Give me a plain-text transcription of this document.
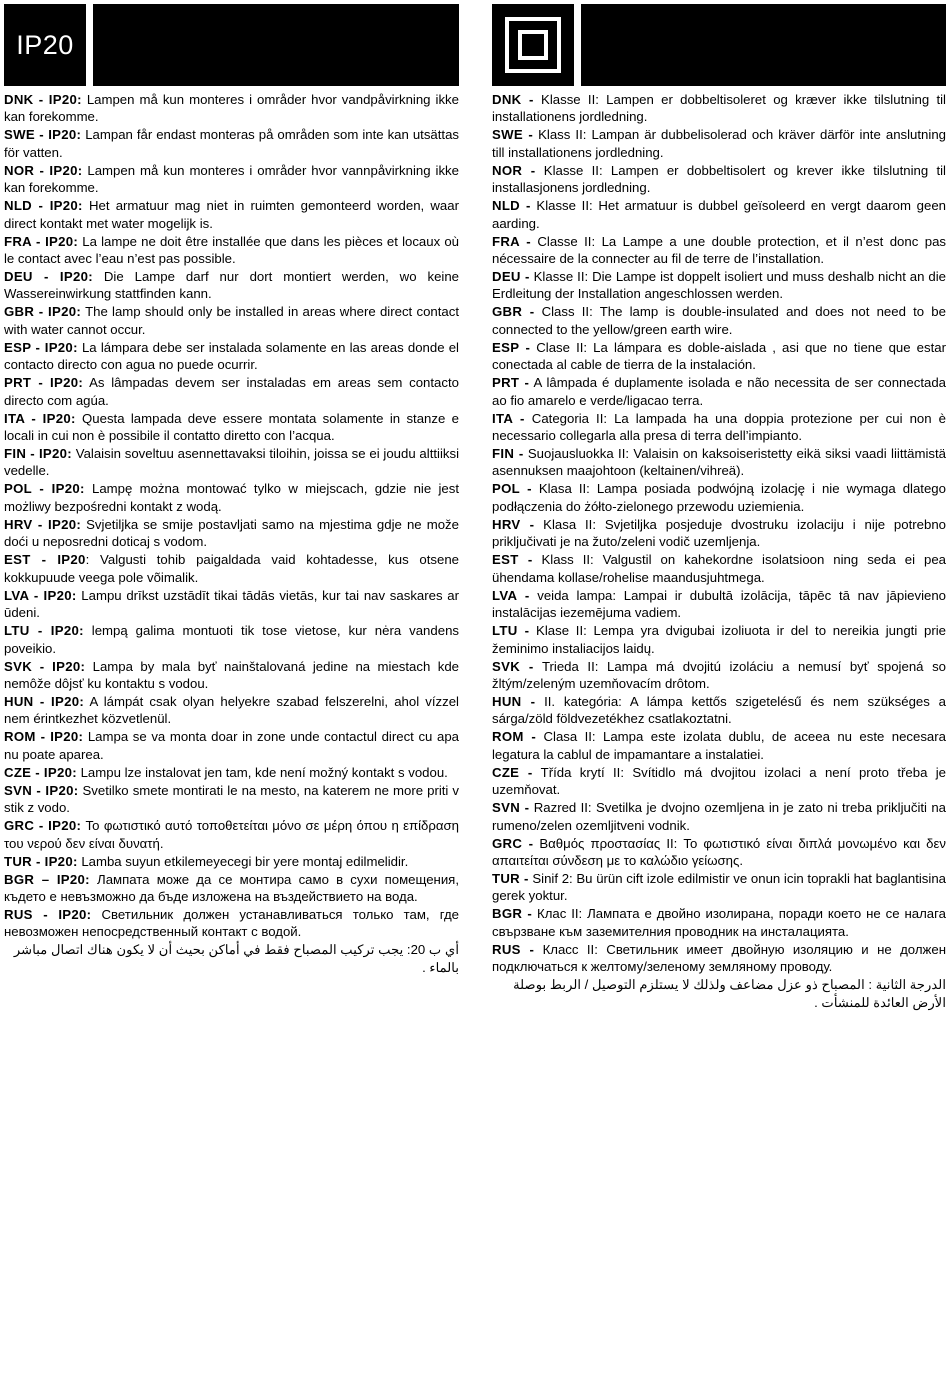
IP20

DNK - IP20: Lampen må kun monteres i områder hvor vandpåvirkning ikke kan forekomme.

SWE - IP20: Lampan får endast monteras på områden som inte kan utsättas för vatten.

NOR - IP20: Lampen må kun monteres i områder hvor vannpåvirkning ikke kan forekomme.

NLD - IP20: Het armatuur mag niet in ruimten gemonteerd worden, waar direct kontakt met water mogelijk is.

FRA - IP20: La lampe ne doit être installée que dans les pièces et locaux où le contact avec l’eau n’est pas possible.

DEU - IP20: Die Lampe darf nur dort montiert werden, wo keine Wassereinwirkung stattfinden kann.

GBR - IP20: The lamp should only be installed in areas where direct contact with water cannot occur.

ESP - IP20: La lámpara debe ser instalada solamente en las areas donde el contacto directo con agua no puede ocurrir.

PRT - IP20: As lâmpadas devem ser instaladas em areas sem contacto directo com agúa.

ITA - IP20: Questa lampada deve essere montata solamente in stanze e locali in cui non è possibile il contatto diretto con l’acqua.

FIN - IP20: Valaisin soveltuu asennettavaksi tiloihin, joissa se ei joudu alttiiksi vedelle.

POL - IP20: Lampę można montować tylko w miejscach, gdzie nie jest możliwy bezpośredni kontakt z wodą.

HRV - IP20: Svjetiljka se smije postavljati samo na mjestima gdje ne može doći u neposredni doticaj s vodom.

EST - IP20: Valgusti tohib paigaldada vaid kohtadesse, kus otsene kokkupuude veega pole võimalik.

LVA - IP20: Lampu drīkst uzstādīt tikai tādās vietās, kur tai nav saskares ar ūdeni.

LTU - IP20: lempą galima montuoti tik tose vietose, kur nėra vandens poveikio.

SVK - IP20: Lampa by mala byť nainštalovaná jedine na miestach kde nemôže dôjsť ku kontaktu s vodou.

HUN - IP20: A lámpát csak olyan helyekre szabad felszerelni, ahol vízzel nem érintkezhet közvetlenül.

ROM - IP20: Lampa se va monta doar in zone unde contactul direct cu apa nu poate aparea.

CZE - IP20: Lampu lze instalovat jen tam, kde není možný kontakt s vodou.

SVN - IP20: Svetilko smete montirati le na mesto, na katerem ne more priti v stik z vodo.

GRC - IP20: Το φωτιστικό αυτό τοποθετείται μόνο σε μέρη όπου η επίδραση του νερού δεν είναι δυνατή.

TUR - IP20: Lamba suyun etkilemeyecegi bir yere montaj edilmelidir.

BGR – IP20: Лампата може да се монтира само в сухи помещения, където е невъзможно да бъде изложена на въздействието на вода.

RUS - IP20: Светильник должен устанавливаться только там, где невозможен непосредственный контакт с водой.

أي ب 20: يجب تركيب المصباح فقط في أماكن بحيث أن لا يكون هناك اتصال مباشر بالماء .

DNK - Klasse II: Lampen er dobbeltisoleret og kræver ikke tilslutning til installationens jordledning.

SWE - Klass II: Lampan är dubbelisolerad och kräver därför inte anslutning till installationens jordledning.

NOR - Klasse II: Lampen er dobbeltisolert og krever ikke tilslutning til installasjonens jordledning.

NLD - Klasse II: Het armatuur is dubbel geïsoleerd en vergt daarom geen aarding.

FRA - Classe II: La Lampe a une double protection, et il n’est donc pas nécessaire de la connecter au fil de terre de l’installation.

DEU - Klasse II: Die Lampe ist doppelt isoliert und muss deshalb nicht an die Erdleitung der Installation angeschlossen werden.

GBR - Class II: The lamp is double-insulated and does not need to be connected to the yellow/green earth wire.

ESP - Clase II: La lámpara es doble-aislada , asi que no tiene que estar conectada al cable de tierra de la instalación.

PRT - A lâmpada é duplamente isolada e não necessita de ser connectada ao fio amarelo e verde/ligacao terra.

ITA - Categoria II: La lampada ha una doppia protezione per cui non è necessario collegarla alla presa di terra dell’impianto.

FIN - Suojausluokka II: Valaisin on kaksoiseristetty eikä siksi vaadi liittämistä asennuksen maajohtoon (keltainen/vihreä).

POL - Klasa II: Lampa posiada podwójną izolację i nie wymaga dlatego podłączenia do żółto-zielonego przewodu uziemienia.

HRV - Klasa II: Svjetiljka posjeduje dvostruku izolaciju i nije potrebno priključivati je na žuto/zeleni vodič uzemljenja.

EST - Klass II: Valgustil on kahekordne isolatsioon ning seda ei pea ühendama kollase/rohelise maandusjuhtmega.

LVA - veida lampa: Lampai ir dubultā izolācija, tāpēc tā nav jāpievieno instalācijas iezemējuma vadiem.

LTU - Klase II: Lempa yra dvigubai izoliuota ir del to nereikia jungti prie žeminimo instaliacijos laidų.

SVK - Trieda II: Lampa má dvojitú izoláciu a nemusí byť spojená so žltým/zeleným uzemňovacím drôtom.

HUN - II. kategória: A lámpa kettős szigetelésű és nem szükséges a sárga/zöld földvezetékhez csatlakoztatni.

ROM - Clasa II: Lampa este izolata dublu, de aceea nu este necesara legatura la cablul de impamantare a instalatiei.

CZE - Třída krytí II: Svítidlo má dvojitou izolaci a není proto třeba je uzemňovat.

SVN - Razred II: Svetilka je dvojno ozemljena in je zato ni treba priključiti na rumeno/zelen ozemljitveni vodnik.

GRC - Βαθμός προστασίας II: Το φωτιστικό είναι διπλά μονωμένο και δεν απαιτείται σύνδεση με το καλώδιο γείωσης.

TUR - Sinif 2: Bu ürün cift izole edilmistir ve onun icin toprakli hat baglantisina gerek yoktur.

BGR - Клас II: Лампата е двойно изолирана, поради което не се налага свързване към заземителния проводник на инсталацията.

RUS - Класс II: Светильник имеет двойную изоляцию и не должен подключаться к желтому/зеленому земляному проводу.

الدرجة الثانية : المصباح ذو عزل مضاعف ولذلك لا يستلزم التوصيل / الربط بوصلة الأرض العائدة للمنشأت .
